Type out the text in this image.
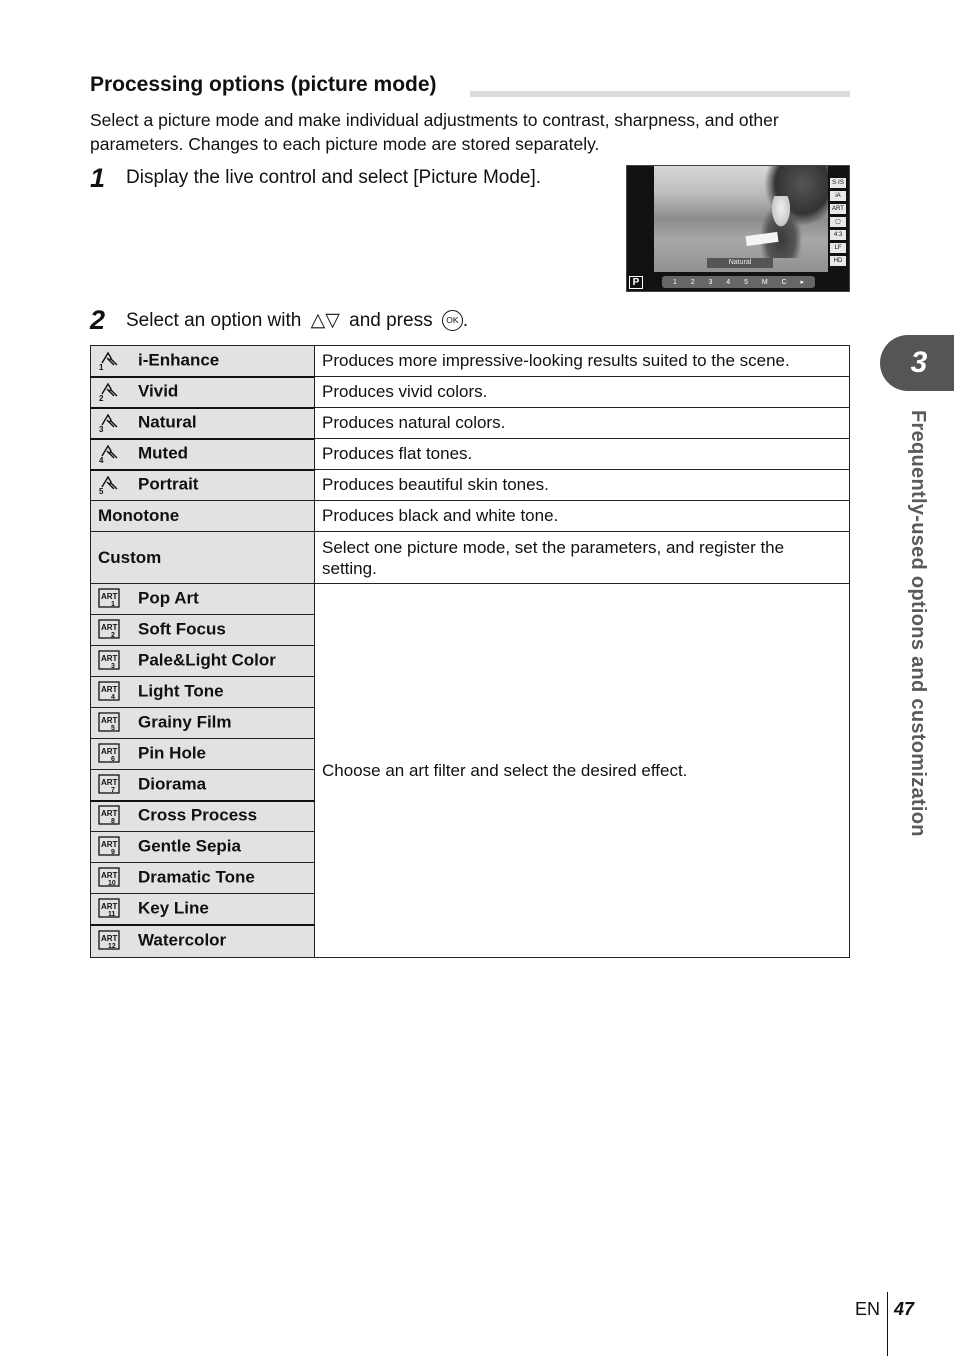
Processing options (picture mode)
Select a picture mode and make individual adjustments to contrast, sharpness, and other parameters. Changes to each picture mode are stored separately.
1 Display the live control and select [Picture Mode].
Natural
S·IS
iA
ART
▢
4:3
LF
HD
P	1 2 3 4 5 M C ▸
2 Select an option with △▽ and press OK .
1 i-Enhance	Produces more impressive-looking results suited to the scene.

2 Vivid	Produces vivid colors.

3 Natural	Produces natural colors.

4 Muted	Produces flat tones.

5 Portrait	Produces beautiful skin tones.
Monotone	Produces black and white tone.
Custom	Select one picture mode, set the parameters, and register the setting.

ART
1 Pop Art	Choose an art filter and select the desired effect.

ART
2 Soft Focus	

ART
3 Pale&Light Color	

ART
4 Light Tone	

ART
5 Grainy Film	

ART
6 Pin Hole	

ART
7 Diorama	

ART
8 Cross Process	

ART
9 Gentle Sepia	

ART
10 Dramatic Tone	

ART
11 Key Line	

ART
12 Watercolor	
3
Frequently-used options and customization
EN 47
